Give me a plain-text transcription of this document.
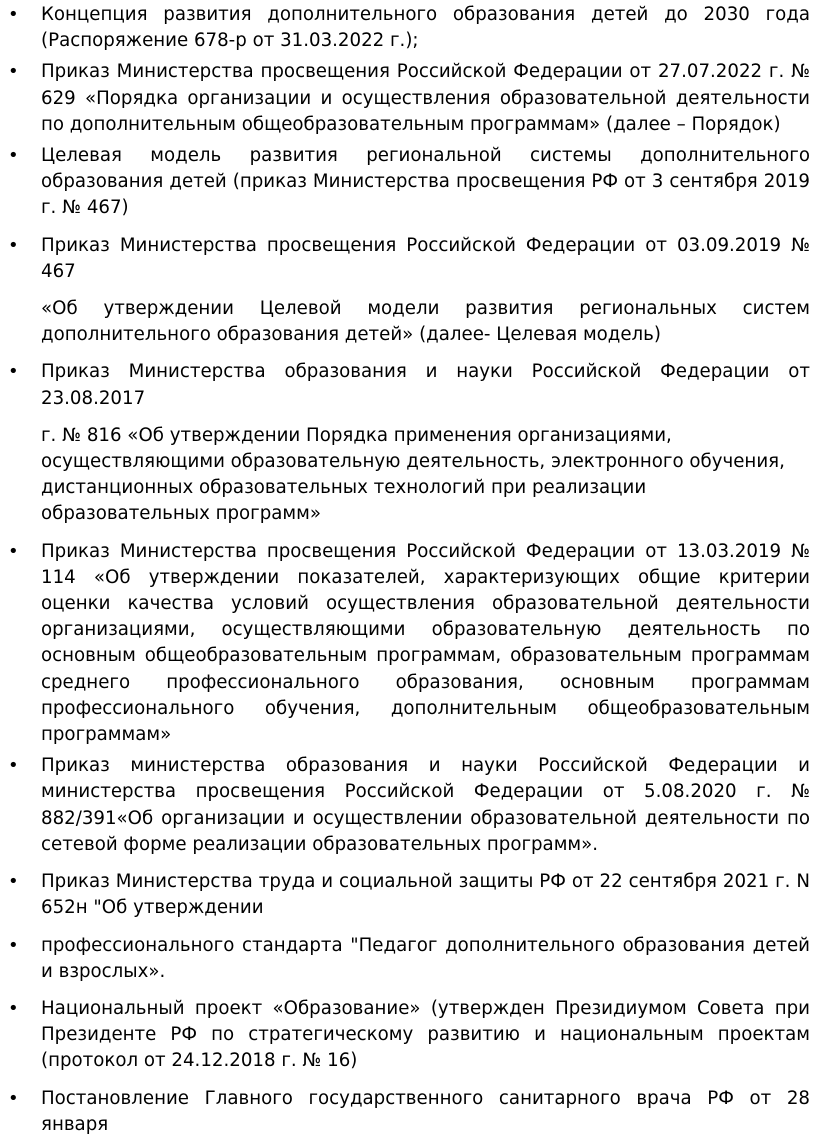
• Концепция развития дополнительного образования детей до 2030 года (Распоряжение 678-р от 31.03.2022 г.);
• Приказ Министерства просвещения Российской Федерации от 27.07.2022 г. № 629 «Порядка организации и осуществления образовательной деятельности по дополнительным общеобразовательным программам» (далее – Порядок)
• Целевая модель развития региональной системы дополнительного образования детей (приказ Министерства просвещения РФ от 3 сентября 2019 г. № 467)
• Приказ Министерства просвещения Российской Федерации от 03.09.2019 № 467
«Об утверждении Целевой модели развития региональных систем дополнительного образования детей» (далее- Целевая модель)
• Приказ Министерства образования и науки Российской Федерации от 23.08.2017
г. № 816 «Об утверждении Порядка применения организациями, осуществляющими образовательную деятельность, электронного обучения, дистанционных образовательных технологий при реализации образовательных программ»
• Приказ Министерства просвещения Российской Федерации от 13.03.2019 № 114 «Об утверждении показателей, характеризующих общие критерии оценки качества условий осуществления образовательной деятельности организациями, осуществляющими образовательную деятельность по основным общеобразовательным программам, образовательным программам среднего профессионального образования, основным программам профессионального обучения, дополнительным общеобразовательным программам»
• Приказ министерства образования и науки Российской Федерации и министерства просвещения Российской Федерации от 5.08.2020 г. № 882/391«Об организации и осуществлении образовательной деятельности по сетевой форме реализации образовательных программ».
• Приказ Министерства труда и социальной защиты РФ от 22 сентября 2021 г. N 652н "Об утверждении
• профессионального стандарта "Педагог дополнительного образования детей и взрослых».
• Национальный проект «Образование» (утвержден Президиумом Совета при Президенте РФ по стратегическому развитию и национальным проектам (протокол от 24.12.2018 г. № 16)
• Постановление Главного государственного санитарного врача РФ от 28 января
